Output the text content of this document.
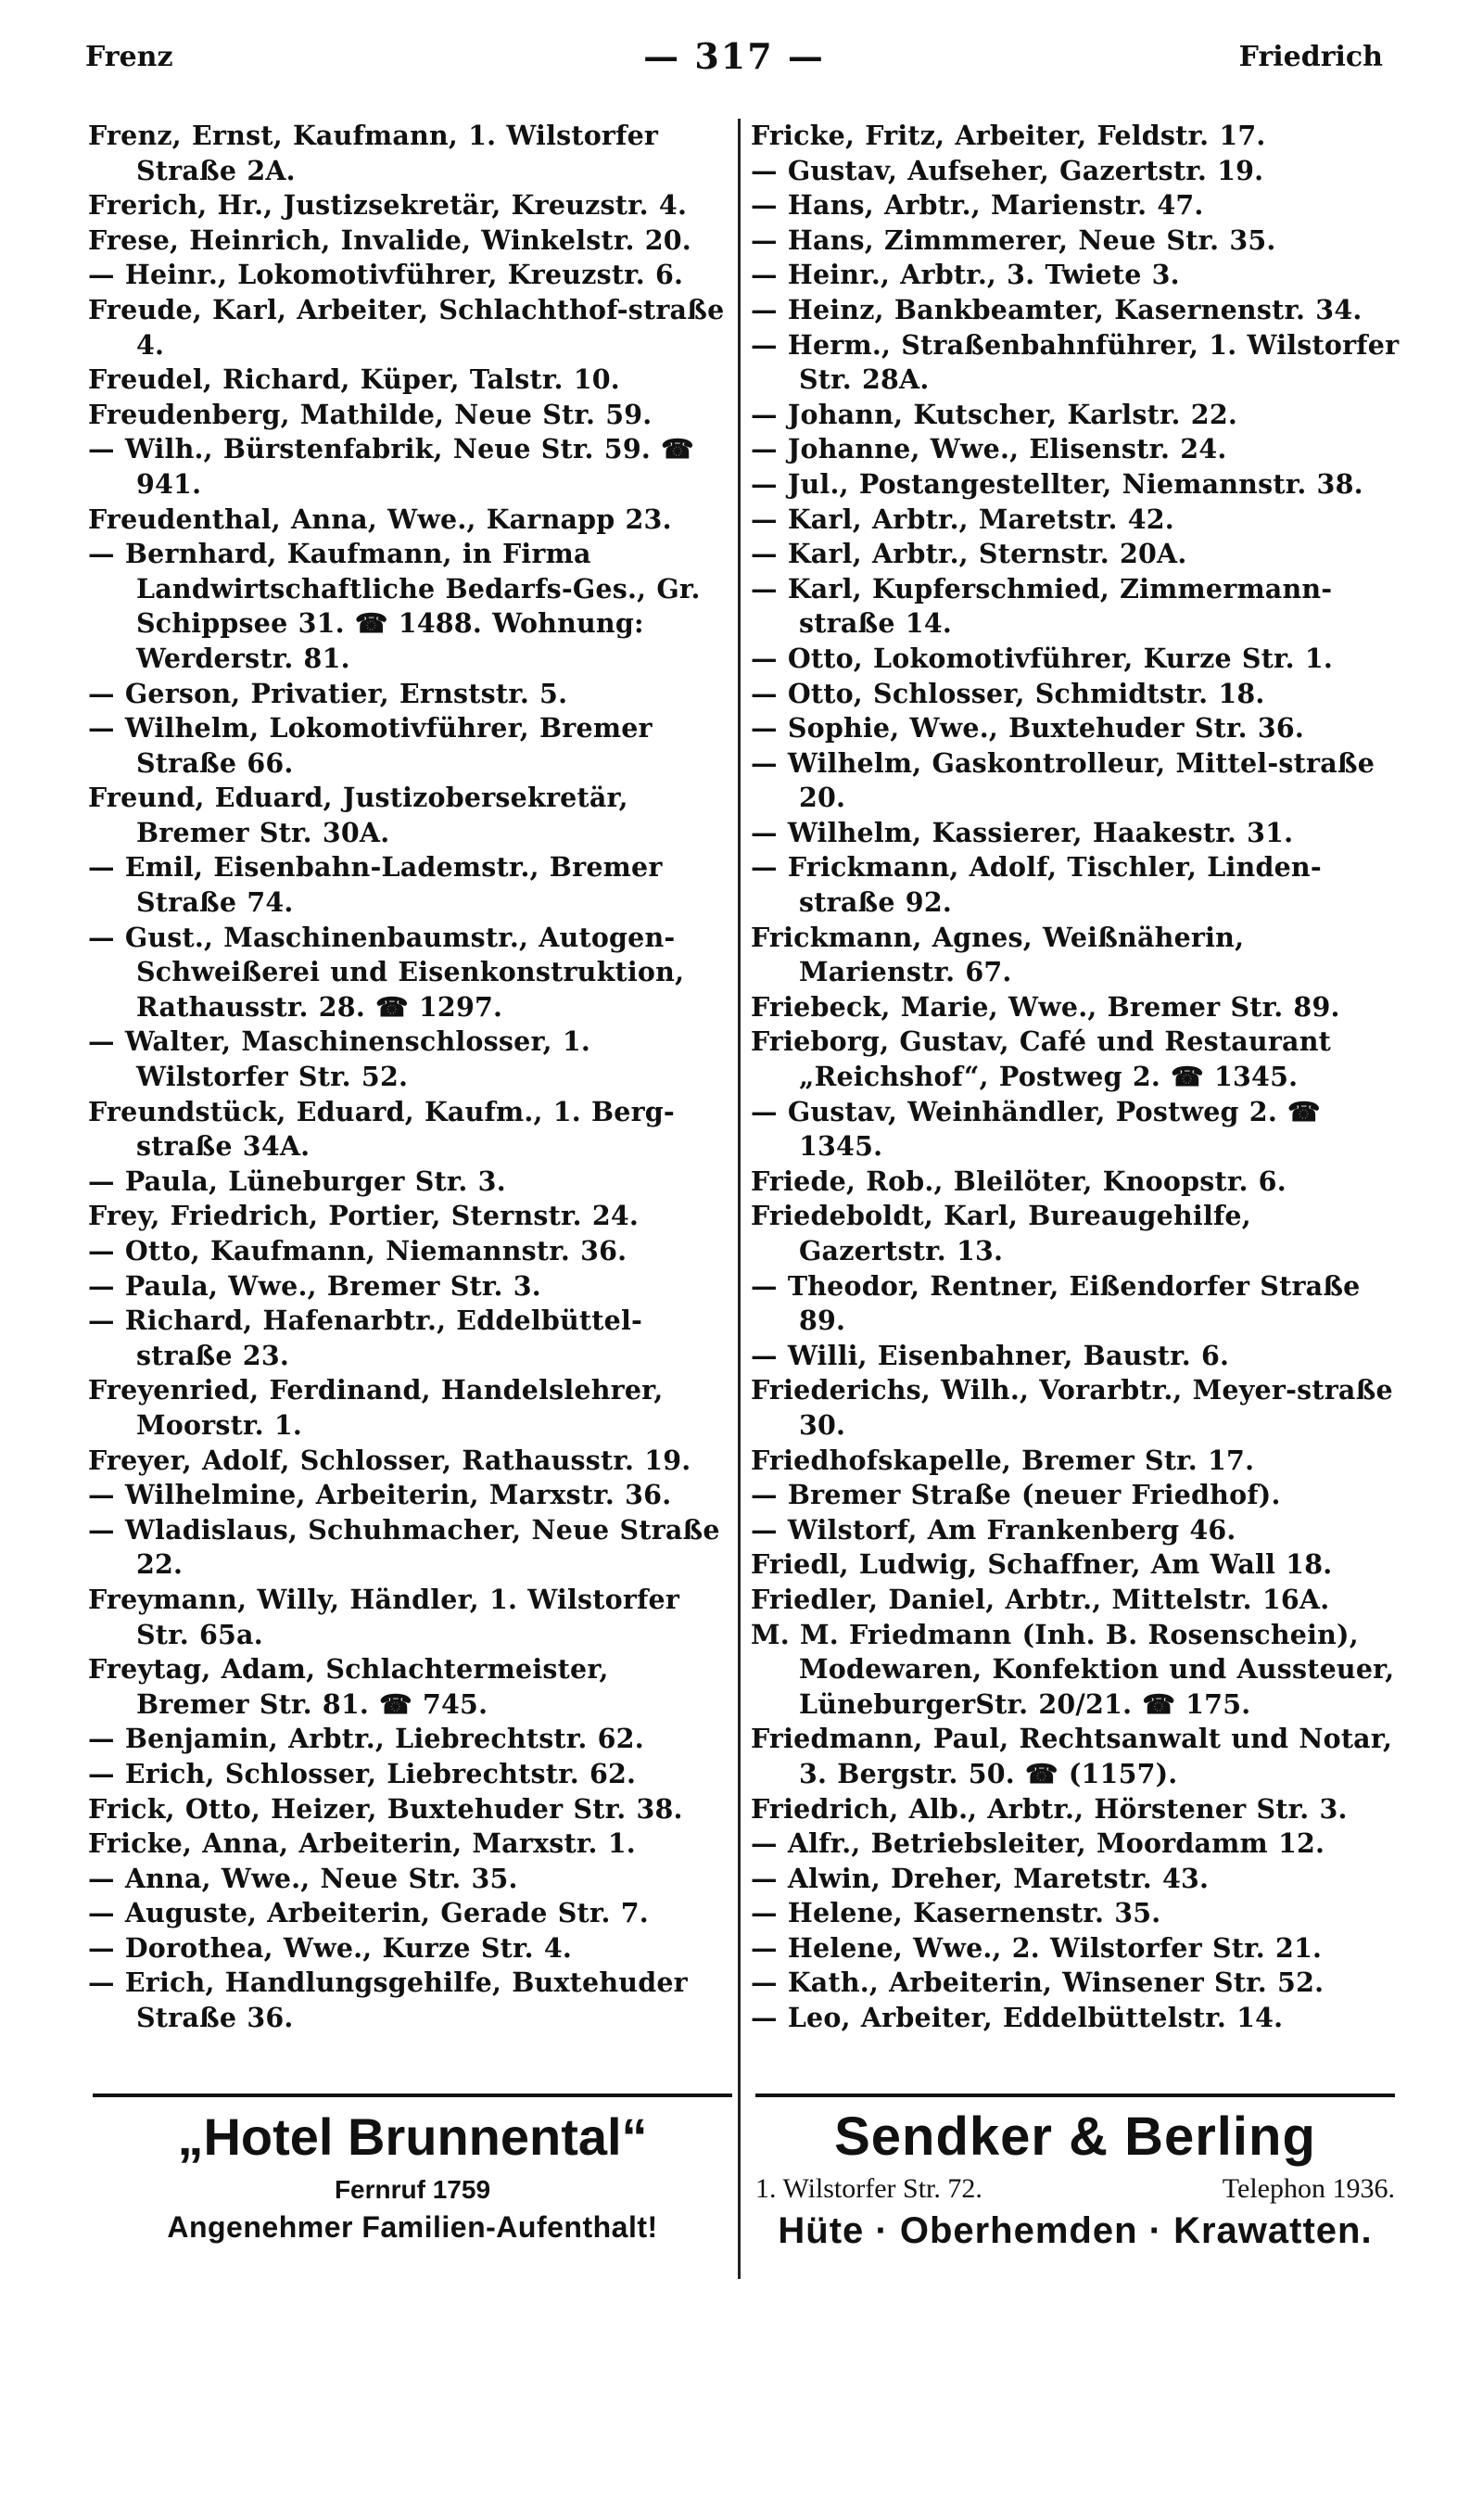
Frenz	— 317 —	Friedrich
Frenz, Ernst, Kaufmann, 1. Wilstorfer Straße 2A.
Frerich, Hr., Justizsekretär, Kreuzstr. 4.
Frese, Heinrich, Invalide, Winkelstr. 20.
— Heinr., Lokomotivführer, Kreuzstr. 6.
Freude, Karl, Arbeiter, Schlachthof-straße 4.
Freudel, Richard, Küper, Talstr. 10.
Freudenberg, Mathilde, Neue Str. 59.
— Wilh., Bürstenfabrik, Neue Str. 59. ☎ 941.
Freudenthal, Anna, Wwe., Karnapp 23.
— Bernhard, Kaufmann, in Firma Landwirtschaftliche Bedarfs-Ges., Gr. Schippsee 31. ☎ 1488. Wohnung: Werderstr. 81.
— Gerson, Privatier, Ernststr. 5.
— Wilhelm, Lokomotivführer, Bremer Straße 66.
Freund, Eduard, Justizobersekretär, Bremer Str. 30A.
— Emil, Eisenbahn-Lademstr., Bremer Straße 74.
— Gust., Maschinenbaumstr., Autogen-Schweißerei und Eisenkonstruktion, Rathausstr. 28. ☎ 1297.
— Walter, Maschinenschlosser, 1. Wilstorfer Str. 52.
Freundstück, Eduard, Kaufm., 1. Berg-straße 34A.
— Paula, Lüneburger Str. 3.
Frey, Friedrich, Portier, Sternstr. 24.
— Otto, Kaufmann, Niemannstr. 36.
— Paula, Wwe., Bremer Str. 3.
— Richard, Hafenarbtr., Eddelbüttel-straße 23.
Freyenried, Ferdinand, Handelslehrer, Moorstr. 1.
Freyer, Adolf, Schlosser, Rathausstr. 19.
— Wilhelmine, Arbeiterin, Marxstr. 36.
— Wladislaus, Schuhmacher, Neue Straße 22.
Freymann, Willy, Händler, 1. Wilstorfer Str. 65a.
Freytag, Adam, Schlachtermeister, Bremer Str. 81. ☎ 745.
— Benjamin, Arbtr., Liebrechtstr. 62.
— Erich, Schlosser, Liebrechtstr. 62.
Frick, Otto, Heizer, Buxtehuder Str. 38.
Fricke, Anna, Arbeiterin, Marxstr. 1.
— Anna, Wwe., Neue Str. 35.
— Auguste, Arbeiterin, Gerade Str. 7.
— Dorothea, Wwe., Kurze Str. 4.
— Erich, Handlungsgehilfe, Buxtehuder Straße 36.
Fricke, Fritz, Arbeiter, Feldstr. 17.
— Gustav, Aufseher, Gazertstr. 19.
— Hans, Arbtr., Marienstr. 47.
— Hans, Zimmmerer, Neue Str. 35.
— Heinr., Arbtr., 3. Twiete 3.
— Heinz, Bankbeamter, Kasernenstr. 34.
— Herm., Straßenbahnführer, 1. Wilstorfer Str. 28A.
— Johann, Kutscher, Karlstr. 22.
— Johanne, Wwe., Elisenstr. 24.
— Jul., Postangestellter, Niemannstr. 38.
— Karl, Arbtr., Maretstr. 42.
— Karl, Arbtr., Sternstr. 20A.
— Karl, Kupferschmied, Zimmermann-straße 14.
— Otto, Lokomotivführer, Kurze Str. 1.
— Otto, Schlosser, Schmidtstr. 18.
— Sophie, Wwe., Buxtehuder Str. 36.
— Wilhelm, Gaskontrolleur, Mittel-straße 20.
— Wilhelm, Kassierer, Haakestr. 31.
— Frickmann, Adolf, Tischler, Linden-straße 92.
Frickmann, Agnes, Weißnäherin, Marienstr. 67.
Friebeck, Marie, Wwe., Bremer Str. 89.
Frieborg, Gustav, Café und Restaurant „Reichshof“, Postweg 2. ☎ 1345.
— Gustav, Weinhändler, Postweg 2. ☎ 1345.
Friede, Rob., Bleilöter, Knoopstr. 6.
Friedeboldt, Karl, Bureaugehilfe, Gazertstr. 13.
— Theodor, Rentner, Eißendorfer Straße 89.
— Willi, Eisenbahner, Baustr. 6.
Friederichs, Wilh., Vorarbtr., Meyer-straße 30.
Friedhofskapelle, Bremer Str. 17.
— Bremer Straße (neuer Friedhof).
— Wilstorf, Am Frankenberg 46.
Friedl, Ludwig, Schaffner, Am Wall 18.
Friedler, Daniel, Arbtr., Mittelstr. 16A.
M. M. Friedmann (Inh. B. Rosenschein), Modewaren, Konfektion und Aussteuer, LüneburgerStr. 20/21. ☎ 175.
Friedmann, Paul, Rechtsanwalt und Notar, 3. Bergstr. 50. ☎ (1157).
Friedrich, Alb., Arbtr., Hörstener Str. 3.
— Alfr., Betriebsleiter, Moordamm 12.
— Alwin, Dreher, Maretstr. 43.
— Helene, Kasernenstr. 35.
— Helene, Wwe., 2. Wilstorfer Str. 21.
— Kath., Arbeiterin, Winsener Str. 52.
— Leo, Arbeiter, Eddelbüttelstr. 14.
„Hotel Brunnental“
Fernruf 1759
Angenehmer Familien-Aufenthalt!
Sendker & Berling
1. Wilstorfer Str. 72.	Telephon 1936.
Hüte · Oberhemden · Krawatten.
